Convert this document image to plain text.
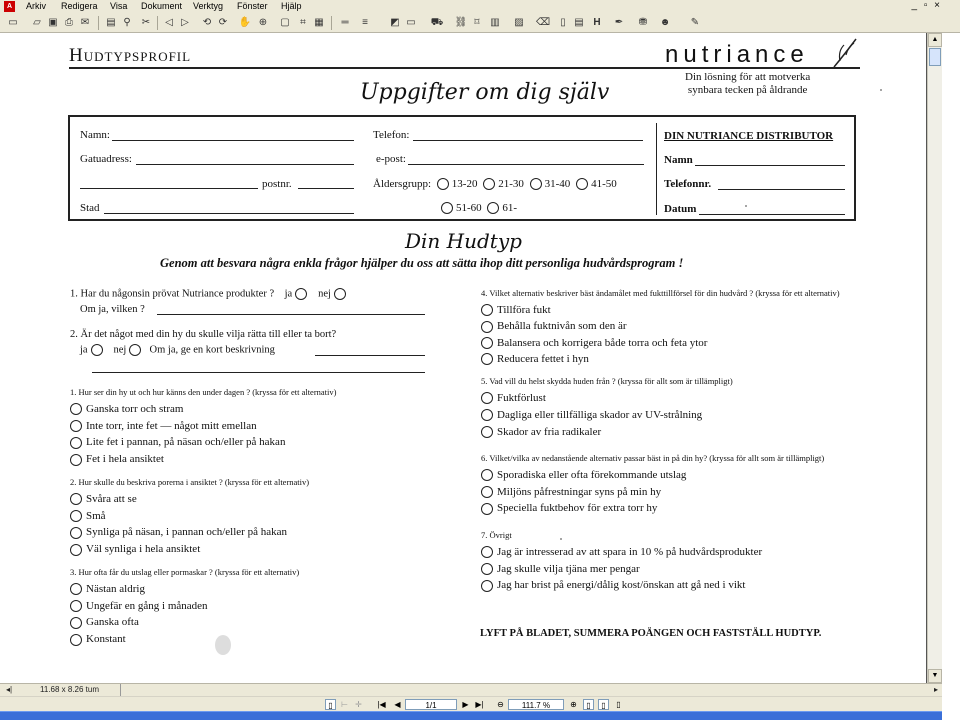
A	Arkiv Redigera Visa Dokument Verktyg Fönster Hjälp	_ ▫ ×
▭	▱ ▣ ⎙ ✉ ▤ ⚲	✂	◁ ▷	⟲ ⟳ ✋ ⊕ ▢	⌗ ▦	═	≡	◩ ▭ ⛟ ⛓ ⌑	▥ ▨ ⌫	▯ ▤ H	✒ ⛃ ☻ ✎
Hudtypsprofil	nutriance
Din lösning för att motverka
synbara tecken på åldrande
Uppgifter om dig själv
Namn:
Gatuadress:
postnr.
Stad
Telefon:
e-post:
Åldersgrupp: 13-20 21-30 31-40 41-50
51-60 61-
DIN NUTRIANCE DISTRIBUTOR
Namn
Telefonnr.
Datum
Din Hudtyp
Genom att besvara några enkla frågor hjälper du oss att sätta ihop ditt personliga hudvårdsprogram !
1. Har du någonsin prövat Nutriance produkter ? ja nej
Om ja, vilken ?
2. Är det något med din hy du skulle vilja rätta till eller ta bort?
ja nej Om ja, ge en kort beskrivning
1. Hur ser din hy ut och hur känns den under dagen ? (kryssa för ett alternativ)
Ganska torr och stram
Inte torr, inte fet — något mitt emellan
Lite fet i pannan, på näsan och/eller på hakan
Fet i hela ansiktet
2. Hur skulle du beskriva porerna i ansiktet ? (kryssa för ett alternativ)
Svåra att se
Små
Synliga på näsan, i pannan och/eller på hakan
Väl synliga i hela ansiktet
3. Hur ofta får du utslag eller pormaskar ? (kryssa för ett alternativ)
Nästan aldrig
Ungefär en gång i månaden
Ganska ofta
Konstant
4. Vilket alternativ beskriver bäst ändamålet med fukttillförsel för din hudvård ? (kryssa för ett alternativ)
Tillföra fukt
Behålla fuktnivån som den är
Balansera och korrigera både torra och feta ytor
Reducera fettet i hyn
5. Vad vill du helst skydda huden från ? (kryssa för allt som är tillämpligt)
Fuktförlust
Dagliga eller tillfälliga skador av UV-strålning
Skador av fria radikaler
6. Vilket/vilka av nedanstående alternativ passar bäst in på din hy? (kryssa för allt som är tillämpligt)
Sporadiska eller ofta förekommande utslag
Miljöns påfrestningar syns på min hy
Speciella fuktbehov för extra torr hy
7. Övrigt
Jag är intresserad av att spara in 10 % på hudvårdsprodukter
Jag skulle vilja tjäna mer pengar
Jag har brist på energi/dålig kost/önskan att gå ned i vikt
LYFT PÅ BLADET, SUMMERA POÄNGEN OCH FASTSTÄLL HUDTYP.
▲
▼
◂|	11.68 x 8.26 tum	▸
▯	⊢ ✛ |◀	◀	1/1	▶ ▶| ⊖	111.7 %	⊕	▯	▯	▯
